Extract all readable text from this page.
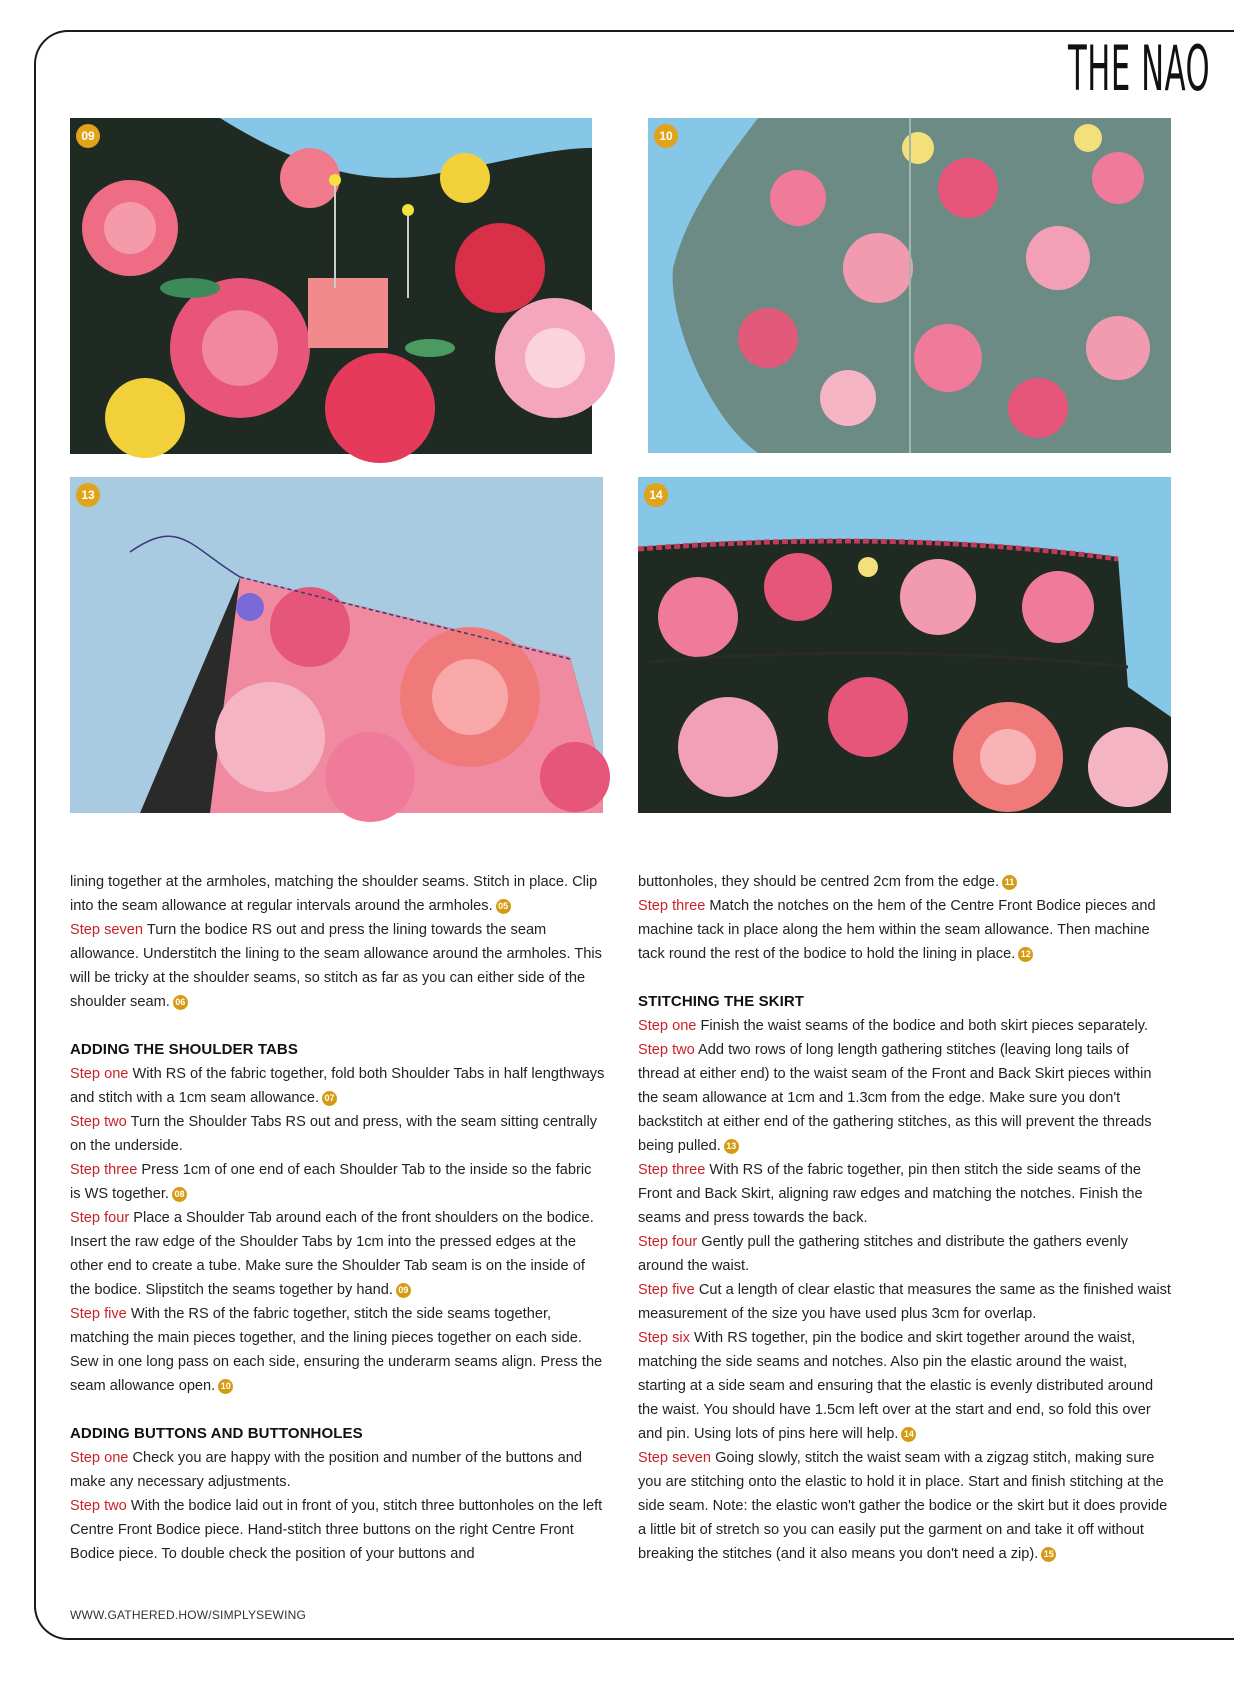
THE NAO
09	10
13	14

lining together at the armholes, matching the shoulder seams. Stitch in place. Clip into the seam allowance at regular intervals around the armholes. 05

Step seven Turn the bodice RS out and press the lining towards the seam allowance. Understitch the lining to the seam allowance around the armholes. This will be tricky at the shoulder seams, so stitch as far as you can either side of the shoulder seam. 06

ADDING THE SHOULDER TABS

Step one With RS of the fabric together, fold both Shoulder Tabs in half lengthways and stitch with a 1cm seam allowance. 07

Step two Turn the Shoulder Tabs RS out and press, with the seam sitting centrally on the underside.

Step three Press 1cm of one end of each Shoulder Tab to the inside so the fabric is WS together. 08

Step four Place a Shoulder Tab around each of the front shoulders on the bodice. Insert the raw edge of the Shoulder Tabs by 1cm into the pressed edges at the other end to create a tube. Make sure the Shoulder Tab seam is on the inside of the bodice. Slipstitch the seams together by hand. 09

Step five With the RS of the fabric together, stitch the side seams together, matching the main pieces together, and the lining pieces together on each side. Sew in one long pass on each side, ensuring the underarm seams align. Press the seam allowance open. 10

ADDING BUTTONS AND BUTTONHOLES

Step one Check you are happy with the position and number of the buttons and make any necessary adjustments.

Step two With the bodice laid out in front of you, stitch three buttonholes on the left Centre Front Bodice piece. Hand-stitch three buttons on the right Centre Front Bodice piece. To double check the position of your buttons and

buttonholes, they should be centred 2cm from the edge. 11

Step three Match the notches on the hem of the Centre Front Bodice pieces and machine tack in place along the hem within the seam allowance. Then machine tack round the rest of the bodice to hold the lining in place. 12

STITCHING THE SKIRT

Step one Finish the waist seams of the bodice and both skirt pieces separately.

Step two Add two rows of long length gathering stitches (leaving long tails of thread at either end) to the waist seam of the Front and Back Skirt pieces within the seam allowance at 1cm and 1.3cm from the edge. Make sure you don't backstitch at either end of the gathering stitches, as this will prevent the threads being pulled. 13

Step three With RS of the fabric together, pin then stitch the side seams of the Front and Back Skirt, aligning raw edges and matching the notches. Finish the seams and press towards the back.

Step four Gently pull the gathering stitches and distribute the gathers evenly around the waist.

Step five Cut a length of clear elastic that measures the same as the finished waist measurement of the size you have used plus 3cm for overlap.

Step six With RS together, pin the bodice and skirt together around the waist, matching the side seams and notches. Also pin the elastic around the waist, starting at a side seam and ensuring that the elastic is evenly distributed around the waist. You should have 1.5cm left over at the start and end, so fold this over and pin. Using lots of pins here will help. 14

Step seven Going slowly, stitch the waist seam with a zigzag stitch, making sure you are stitching onto the elastic to hold it in place. Start and finish stitching at the side seam. Note: the elastic won't gather the bodice or the skirt but it does provide a little bit of stretch so you can easily put the garment on and take it off without breaking the stitches (and it also means you don't need a zip). 15

WWW.GATHERED.HOW/SIMPLYSEWING
